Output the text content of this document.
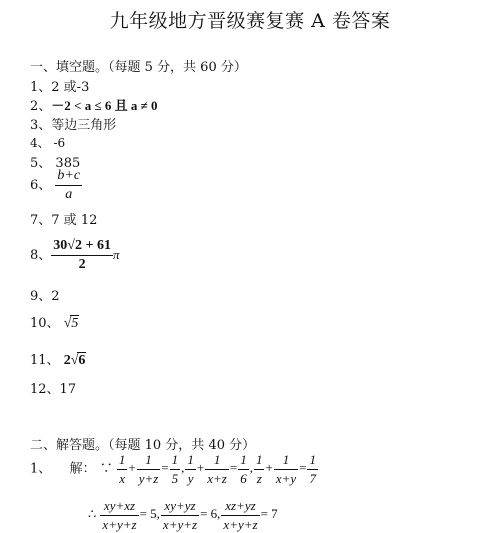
九年级地方晋级赛复赛 A 卷答案
一、填空题。（每题 5 分，共 60 分）
1、2 或-3
2、－2 < a ≤ 6 且 a ≠ 0
3、等边三角形
4、 -6
5、 385
6、 $\frac{b+c}{a}$
7、7 或 12
8、 $\frac{30√2 + 61}{2}$ π
9、2
10、 √5
11、 2√6
12、17
二、解答题。（每题 10 分，共 40 分）
1、 解： ∵ $\frac{1}{x} + \frac{1}{y+z} = \frac{1}{5}$ , $\frac{1}{y} + \frac{1}{x+z} = \frac{1}{6}$ , $\frac{1}{z} + \frac{1}{x+y} = \frac{1}{7}$
∴ $\frac{xy+xz}{x+y+z} = 5$, $\frac{xy+yz}{x+y+z} = 6$, $\frac{xz+yz}{x+y+z} = 7$
